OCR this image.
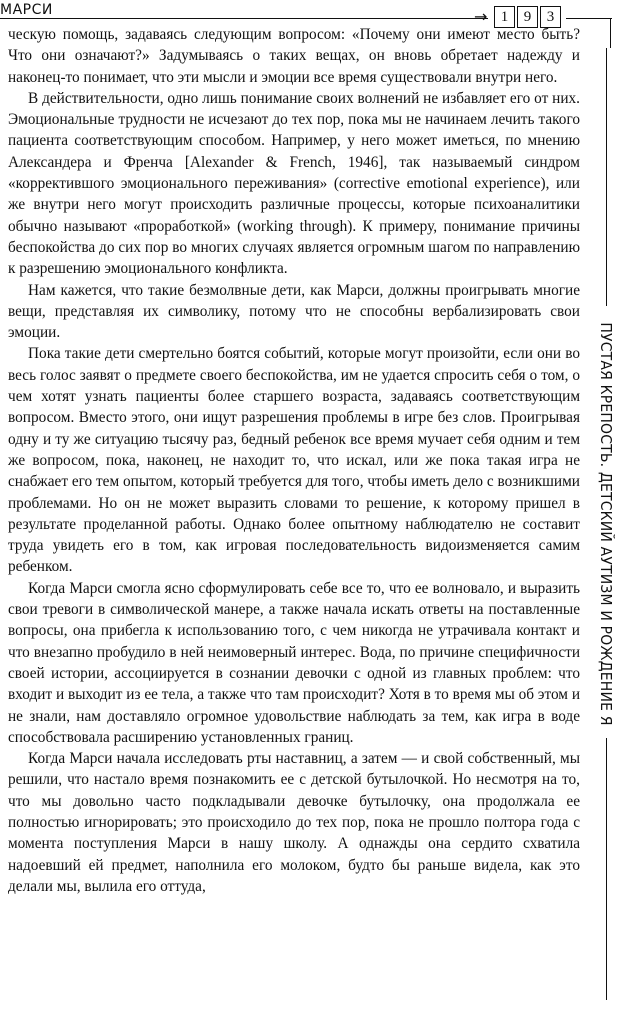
МАРСИ	→ 1	9	3
ПУСТАЯ КРЕПОСТЬ. ДЕТСКИЙ АУТИЗМ И РОЖДЕНИЕ Я

ческую помощь, задаваясь следующим вопросом: «Почему они имеют место быть? Что они означают?» Задумываясь о таких вещах, он вновь обретает надежду и наконец-то понимает, что эти мысли и эмоции все время существовали внутри него.

В действительности, одно лишь понимание своих волнений не избавляет его от них. Эмоциональные трудности не исчезают до тех пор, пока мы не начинаем лечить такого пациента соответствующим способом. Например, у него может иметься, по мнению Александера и Френча [Alexander & French, 1946], так называемый синдром «корректившого эмоционального переживания» (corrective emotional experience), или же внутри него могут происходить различные процессы, которые психоаналитики обычно называют «проработкой» (working through). К примеру, понимание причины беспокойства до сих пор во многих случаях является огромным шагом по направлению к разрешению эмоционального конфликта.

Нам кажется, что такие безмолвные дети, как Марси, должны проигрывать многие вещи, представляя их символику, потому что не способны вербализировать свои эмоции.

Пока такие дети смертельно боятся событий, которые могут произойти, если они во весь голос заявят о предмете своего беспокойства, им не удается спросить себя о том, о чем хотят узнать пациенты более старшего возраста, задаваясь соответствующим вопросом. Вместо этого, они ищут разрешения проблемы в игре без слов. Проигрывая одну и ту же ситуацию тысячу раз, бедный ребенок все время мучает себя одним и тем же вопросом, пока, наконец, не находит то, что искал, или же пока такая игра не снабжает его тем опытом, который требуется для того, чтобы иметь дело с возникшими проблемами. Но он не может выразить словами то решение, к которому пришел в результате проделанной работы. Однако более опытному наблюдателю не составит труда увидеть его в том, как игровая последовательность видоизменяется самим ребенком.

Когда Марси смогла ясно сформулировать себе все то, что ее волновало, и выразить свои тревоги в символической манере, а также начала искать ответы на поставленные вопросы, она прибегла к использованию того, с чем никогда не утрачивала контакт и что внезапно пробудило в ней неимоверный интерес. Вода, по причине специфичности своей истории, ассоциируется в сознании девочки с одной из главных проблем: что входит и выходит из ее тела, а также что там происходит? Хотя в то время мы об этом и не знали, нам доставляло огромное удовольствие наблюдать за тем, как игра в воде способствовала расширению установленных границ.

Когда Марси начала исследовать рты наставниц, а затем — и свой собственный, мы решили, что настало время познакомить ее с детской бутылочкой. Но несмотря на то, что мы довольно часто подкладывали девочке бутылочку, она продолжала ее полностью игнорировать; это происходило до тех пор, пока не прошло полтора года с момента поступления Марси в нашу школу. А однажды она сердито схватила надоевший ей предмет, наполнила его молоком, будто бы раньше видела, как это делали мы, вылила его оттуда,
